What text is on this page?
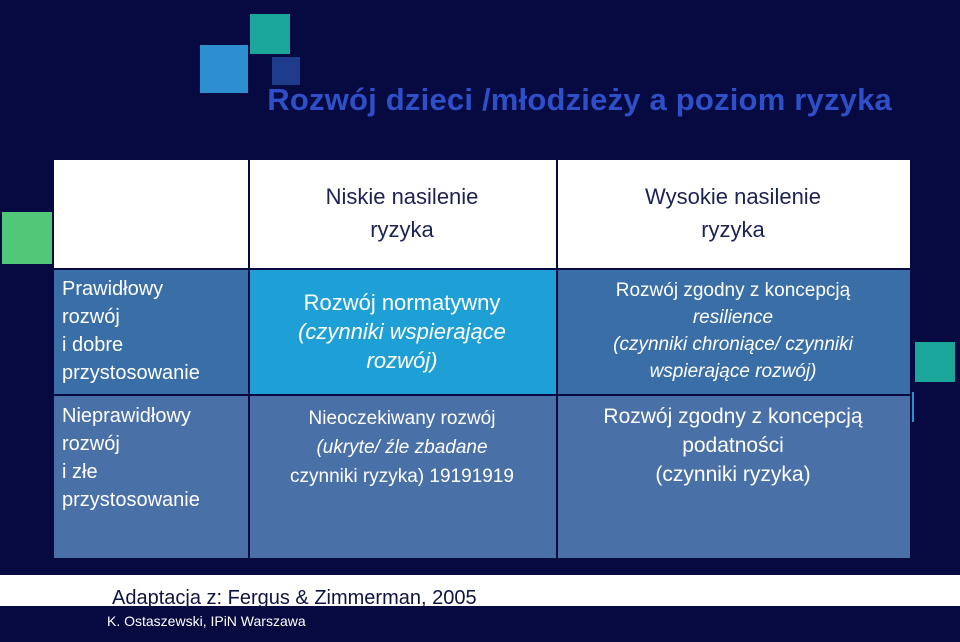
Rozwój dzieci /młodzieży a poziom ryzyka
Niskie nasilenie
ryzyka
Wysokie nasilenie
ryzyka
Prawidłowy
rozwój
i dobre
przystosowanie
Rozwój normatywny
(czynniki wspierające
rozwój)
Rozwój zgodny z koncepcją
resilience
(czynniki chroniące/ czynniki
wspierające rozwój)
Nieprawidłowy
rozwój
i złe
przystosowanie
Nieoczekiwany rozwój
(ukryte/ źle zbadane
czynniki ryzyka) 19191919
Rozwój zgodny z koncepcją
podatności
(czynniki ryzyka)
Adaptacja z: Fergus & Zimmerman, 2005
K. Ostaszewski, IPiN Warszawa
